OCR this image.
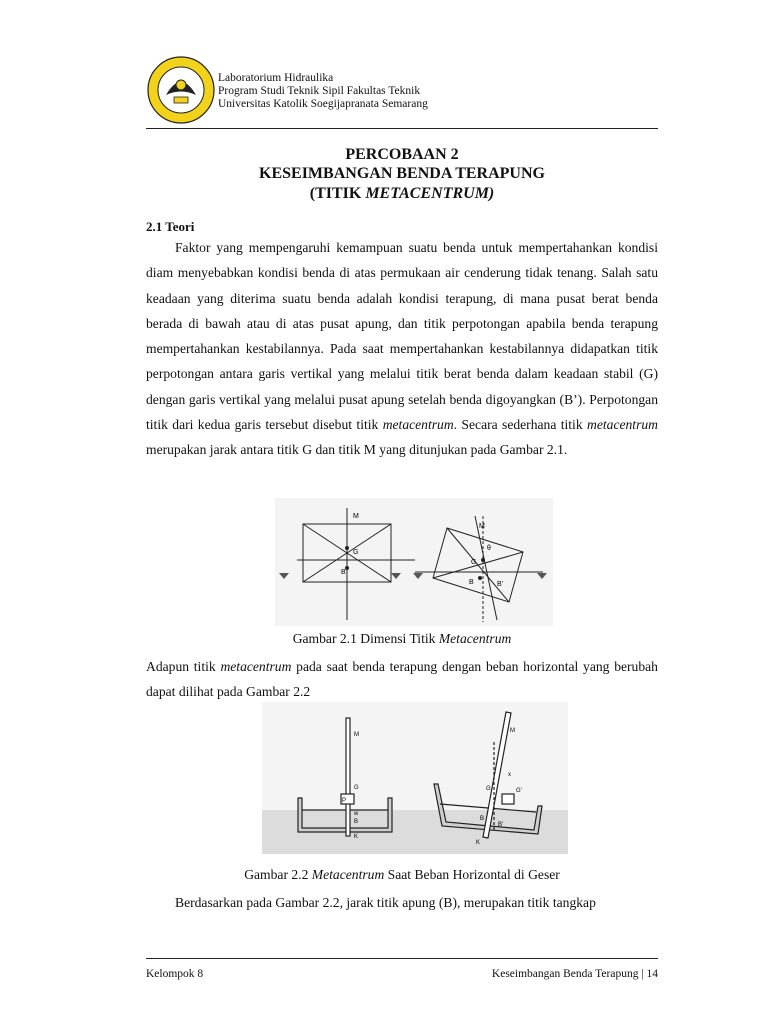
Laboratorium Hidraulika
Program Studi Teknik Sipil Fakultas Teknik
Universitas Katolik Soegijapranata Semarang
PERCOBAAN 2
KESEIMBANGAN BENDA TERAPUNG
(TITIK METACENTRUM)
2.1 Teori

Faktor yang mempengaruhi kemampuan suatu benda untuk mempertahankan kondisi diam menyebabkan kondisi benda di atas permukaan air cenderung tidak tenang. Salah satu keadaan yang diterima suatu benda adalah kondisi terapung, di mana pusat berat benda berada di bawah atau di atas pusat apung, dan titik perpotongan apabila benda terapung mempertahankan kestabilannya. Pada saat mempertahankan kestabilannya didapatkan titik perpotongan antara garis vertikal yang melalui titik berat benda dalam keadaan stabil (G) dengan garis vertikal yang melalui pusat apung setelah benda digoyangkan (B’). Perpotongan titik dari kedua garis tersebut disebut titik metacentrum. Secara sederhana titik metacentrum merupakan jarak antara titik G dan titik M yang ditunjukan pada Gambar 2.1.

M
G
B
M
θ
G
B	B'
Gambar 2.1 Dimensi Titik Metacentrum
Adapun titik metacentrum pada saat benda terapung dengan beban horizontal yang berubah dapat dilihat pada Gambar 2.2
M
G
P
w
B
K
M
x
G	G'
B
B'
K
Gambar 2.2 Metacentrum Saat Beban Horizontal di Geser

Berdasarkan pada Gambar 2.2, jarak titik apung (B), merupakan titik tangkap

Kelompok 8	Keseimbangan Benda Terapung | 14
